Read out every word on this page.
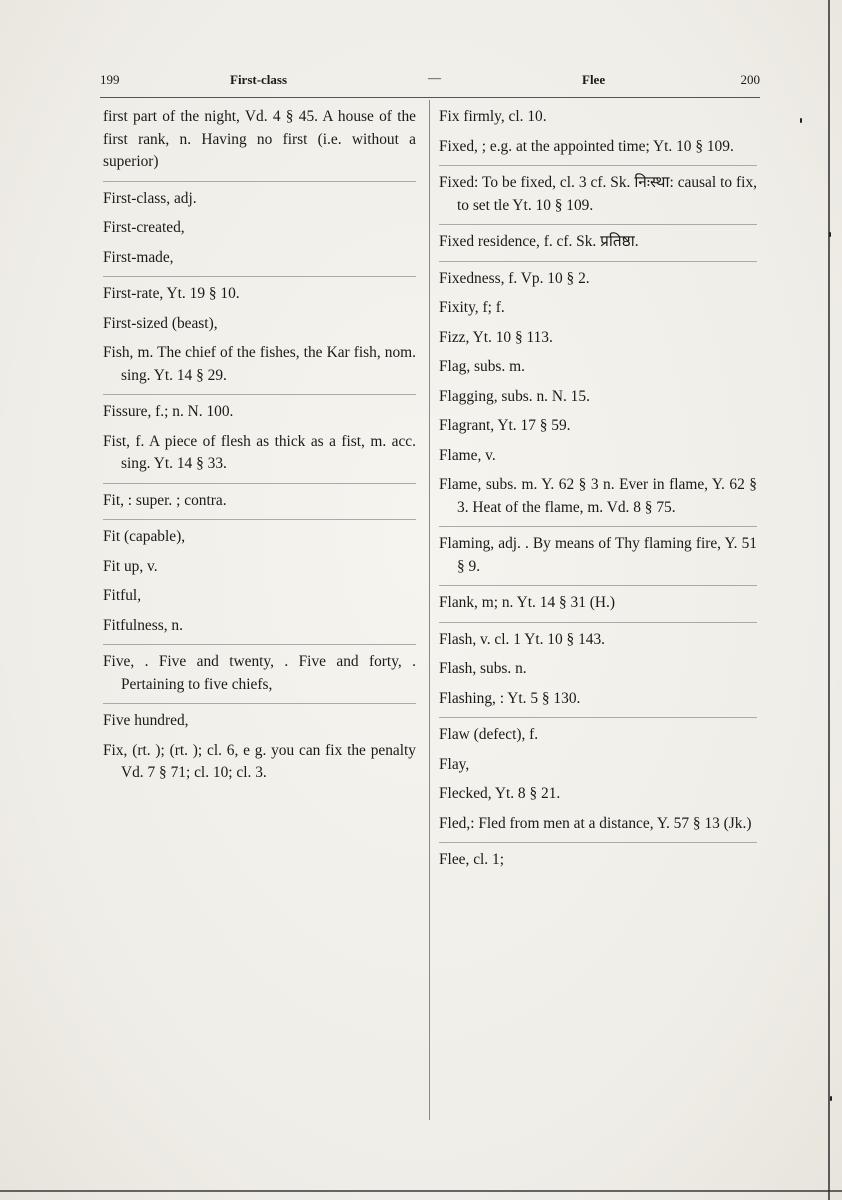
199	First-class	—	Flee	200
first part of the night, Vd. 4 § 45. A house of the first rank, n. Having no first (i.e. without a superior)
First-class, adj.
First-created,
First-made,
First-rate, Yt. 19 § 10.
First-sized (beast),
Fish, m. The chief of the fishes, the Kar fish, nom. sing. Yt. 14 § 29.
Fissure, f.; n. N. 100.
Fist, f. A piece of flesh as thick as a fist, m. acc. sing. Yt. 14 § 33.
Fit, : super. ; contra.
Fit (capable),
Fit up, v.
Fitful,
Fitfulness, n.
Five, . Five and twenty, . Five and forty, . Pertaining to five chiefs,
Five hundred,
Fix, (rt. ); (rt. ); cl. 6, e g. you can fix the penalty Vd. 7 § 71; cl. 10; cl. 3.
Fix firmly, cl. 10.
Fixed, ; e.g. at the appointed time; Yt. 10 § 109.
Fixed: To be fixed, cl. 3 cf. Sk. निःस्था: causal to fix, to set tle Yt. 10 § 109.
Fixed residence, f. cf. Sk. प्रतिष्ठा.
Fixedness, f. Vp. 10 § 2.
Fixity, f; f.
Fizz, Yt. 10 § 113.
Flag, subs. m.
Flagging, subs. n. N. 15.
Flagrant, Yt. 17 § 59.
Flame, v.
Flame, subs. m. Y. 62 § 3 n. Ever in flame, Y. 62 § 3. Heat of the flame, m. Vd. 8 § 75.
Flaming, adj. . By means of Thy flaming fire, Y. 51 § 9.
Flank, m; n. Yt. 14 § 31 (H.)
Flash, v. cl. 1 Yt. 10 § 143.
Flash, subs. n.
Flashing, : Yt. 5 § 130.
Flaw (defect), f.
Flay,
Flecked, Yt. 8 § 21.
Fled,: Fled from men at a distance, Y. 57 § 13 (Jk.)
Flee, cl. 1;
